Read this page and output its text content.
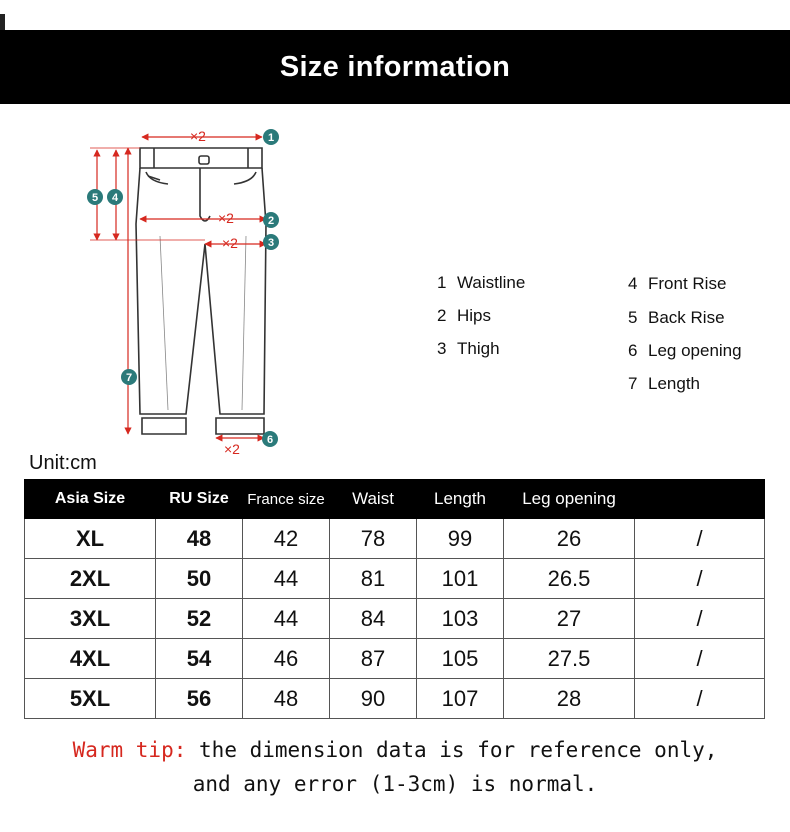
Size information
×2
×2
×2
×2
1
2
3
4
5
6
7
1 Waistline
2 Hips
3 Thigh
4 Front Rise
5 Back Rise
6 Leg opening
7 Length
Unit:cm
Asia Size	RU Size	France size	Waist	Length	Leg opening	
XL	48	42	78	99	26	/
2XL	50	44	81	101	26.5	/
3XL	52	44	84	103	27	/
4XL	54	46	87	105	27.5	/
5XL	56	48	90	107	28	/
Warm tip: the dimension data is for reference only,
and any error (1-3cm) is normal.
